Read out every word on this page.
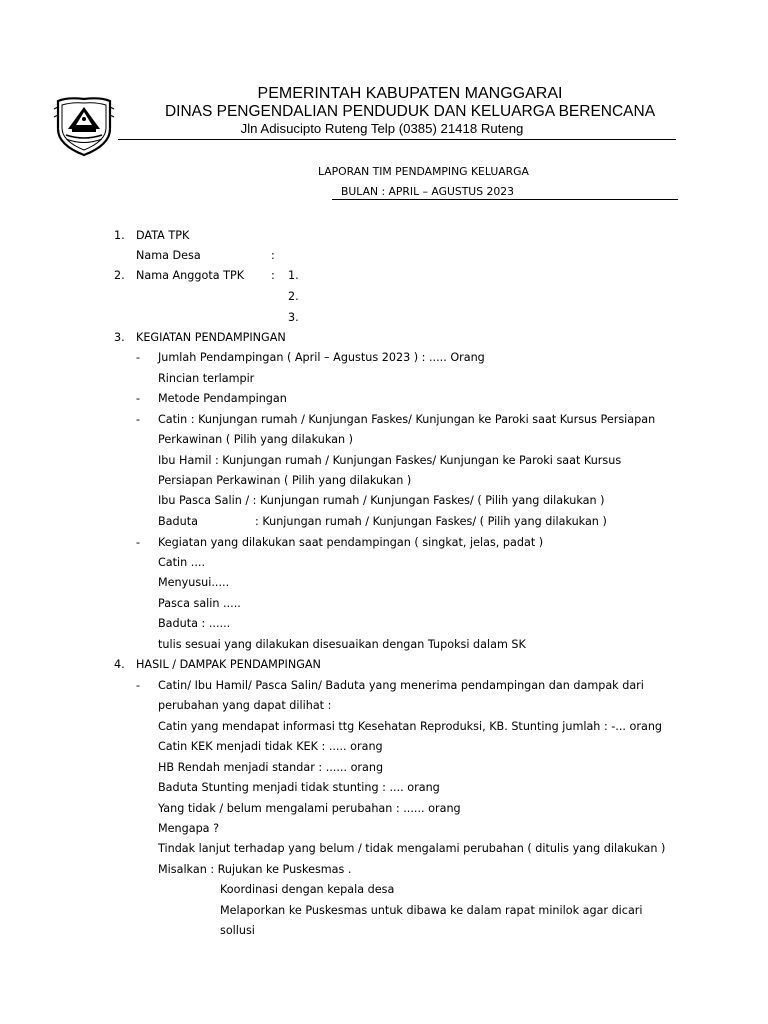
PEMERINTAH KABUPATEN MANGGARAI
DINAS PENGENDALIAN PENDUDUK DAN KELUARGA BERENCANA
Jln Adisucipto Ruteng Telp (0385) 21418 Ruteng
LAPORAN TIM PENDAMPING KELUARGA
BULAN : APRIL – AGUSTUS 2023
1. DATA TPK
Nama Desa	:
2. Nama Anggota TPK : 1.
2.
3.
3. KEGIATAN PENDAMPINGAN
- Jumlah Pendampingan ( April – Agustus 2023 ) : ..... Orang
Rincian terlampir
- Metode Pendampingan
- Catin : Kunjungan rumah / Kunjungan Faskes/ Kunjungan ke Paroki saat Kursus Persiapan
Perkawinan ( Pilih yang dilakukan )
Ibu Hamil : Kunjungan rumah / Kunjungan Faskes/ Kunjungan ke Paroki saat Kursus
Persiapan Perkawinan ( Pilih yang dilakukan )
Ibu Pasca Salin / : Kunjungan rumah / Kunjungan Faskes/ ( Pilih yang dilakukan )
Baduta	: Kunjungan rumah / Kunjungan Faskes/ ( Pilih yang dilakukan )
- Kegiatan yang dilakukan saat pendampingan ( singkat, jelas, padat )
Catin ....
Menyusui.....
Pasca salin .....
Baduta : ......
tulis sesuai yang dilakukan disesuaikan dengan Tupoksi dalam SK
4. HASIL / DAMPAK PENDAMPINGAN
- Catin/ Ibu Hamil/ Pasca Salin/ Baduta yang menerima pendampingan dan dampak dari
perubahan yang dapat dilihat :
Catin yang mendapat informasi ttg Kesehatan Reproduksi, KB. Stunting jumlah : -... orang
Catin KEK menjadi tidak KEK : ..... orang
HB Rendah menjadi standar : ...... orang
Baduta Stunting menjadi tidak stunting : .... orang
Yang tidak / belum mengalami perubahan : ...... orang
Mengapa ?
Tindak lanjut terhadap yang belum / tidak mengalami perubahan ( ditulis yang dilakukan )
Misalkan : Rujukan ke Puskesmas .
Koordinasi dengan kepala desa
Melaporkan ke Puskesmas untuk dibawa ke dalam rapat minilok agar dicari
sollusi
